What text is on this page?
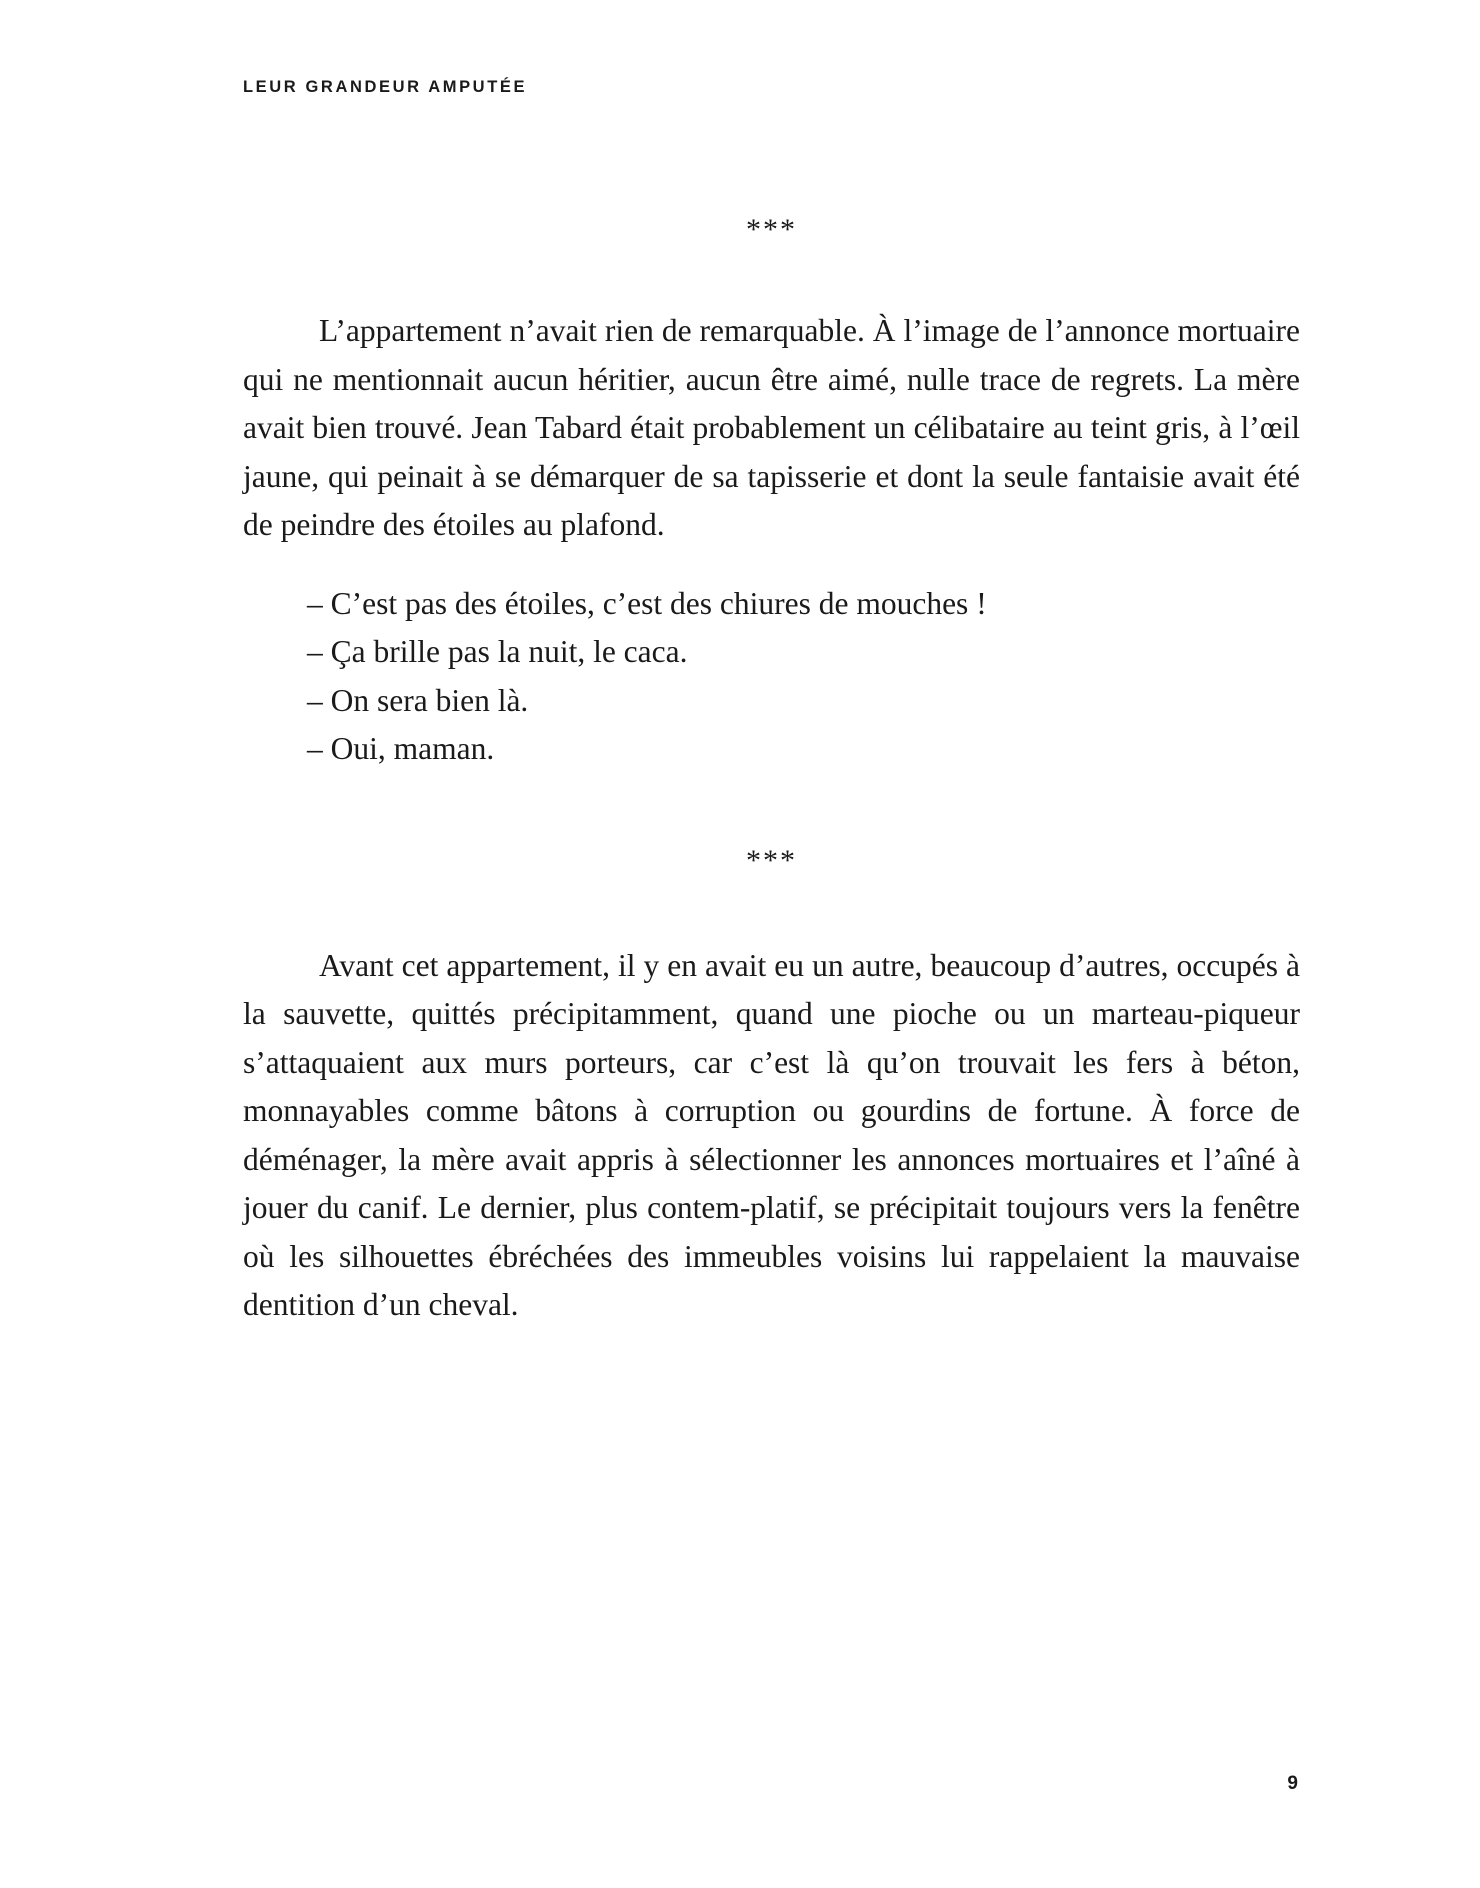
LEUR GRANDEUR AMPUTÉE
***

L’appartement n’avait rien de remarquable. À l’image de l’annonce mortuaire qui ne mentionnait aucun héritier, aucun être aimé, nulle trace de regrets. La mère avait bien trouvé. Jean Tabard était probablement un célibataire au teint gris, à l’œil jaune, qui peinait à se démarquer de sa tapisserie et dont la seule fantaisie avait été de peindre des étoiles au plafond.

– C’est pas des étoiles, c’est des chiures de mouches !
– Ça brille pas la nuit, le caca.
– On sera bien là.
– Oui, maman.
***

Avant cet appartement, il y en avait eu un autre, beaucoup d’autres, occupés à la sauvette, quittés précipitamment, quand une pioche ou un marteau-piqueur s’attaquaient aux murs porteurs, car c’est là qu’on trouvait les fers à béton, monnayables comme bâtons à corruption ou gourdins de fortune. À force de déménager, la mère avait appris à sélectionner les annonces mortuaires et l’aîné à jouer du canif. Le dernier, plus contem-platif, se précipitait toujours vers la fenêtre où les silhouettes ébréchées des immeubles voisins lui rappelaient la mauvaise dentition d’un cheval.

9
